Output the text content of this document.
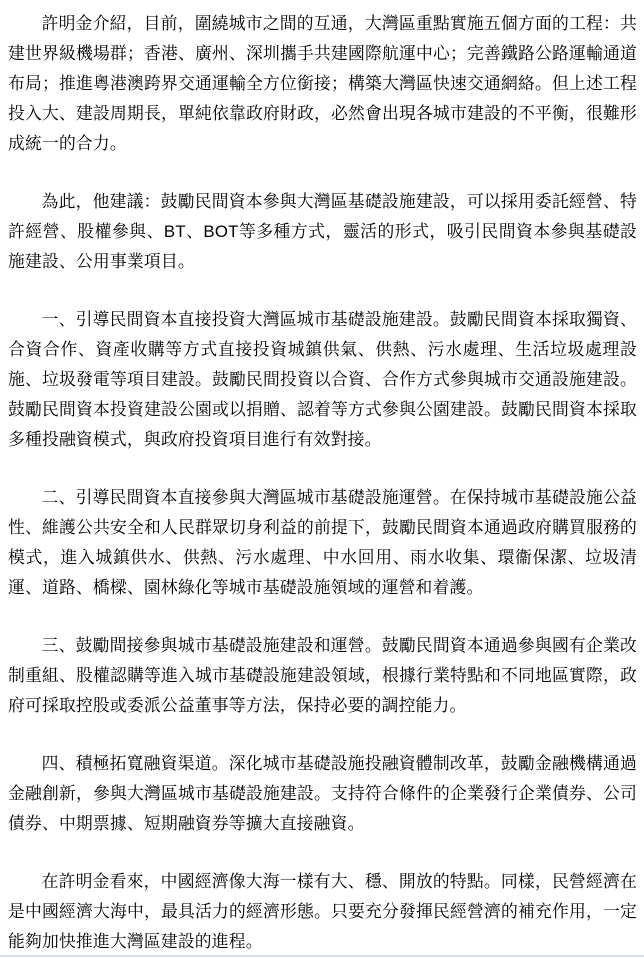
許明金介紹，目前，圍繞城市之間的互通，大灣區重點實施五個方面的工程：共建世界級機場群；香港、廣州、深圳攜手共建國際航運中心；完善鐵路公路運輸通道布局；推進粵港澳跨界交通運輸全方位銜接；構築大灣區快速交通網絡。但上述工程投入大、建設周期長，單純依靠政府財政，必然會出現各城市建設的不平衡，很難形成統一的合力。

為此，他建議：鼓勵民間資本參與大灣區基礎設施建設，可以採用委託經營、特許經營、股權參與、BT、BOT等多種方式，靈活的形式，吸引民間資本參與基礎設施建設、公用事業項目。

一、引導民間資本直接投資大灣區城市基礎設施建設。鼓勵民間資本採取獨資、合資合作、資產收購等方式直接投資城鎮供氣、供熱、污水處理、生活垃圾處理設施、垃圾發電等項目建設。鼓勵民間投資以合資、合作方式參與城市交通設施建設。鼓勵民間資本投資建設公園或以捐贈、認着等方式參與公園建設。鼓勵民間資本採取多種投融資模式，與政府投資項目進行有效對接。

二、引導民間資本直接參與大灣區城市基礎設施運營。在保持城市基礎設施公益性、維護公共安全和人民群眾切身利益的前提下，鼓勵民間資本通過政府購買服務的模式，進入城鎮供水、供熱、污水處理、中水回用、雨水收集、環衞保潔、垃圾清運、道路、橋樑、園林綠化等城市基礎設施領域的運營和着護。

三、鼓勵間接參與城市基礎設施建設和運營。鼓勵民間資本通過參與國有企業改制重組、股權認購等進入城市基礎設施建設領域，根據行業特點和不同地區實際，政府可採取控股或委派公益董事等方法，保持必要的調控能力。

四、積極拓寬融資渠道。深化城市基礎設施投融資體制改革，鼓勵金融機構通過金融創新，參與大灣區城市基礎設施建設。支持符合條件的企業發行企業債券、公司債券、中期票據、短期融資券等擴大直接融資。

在許明金看來，中國經濟像大海一樣有大、穩、開放的特點。同樣，民營經濟在是中國經濟大海中，最具活力的經濟形態。只要充分發揮民經營濟的補充作用，一定能夠加快推進大灣區建設的進程。
